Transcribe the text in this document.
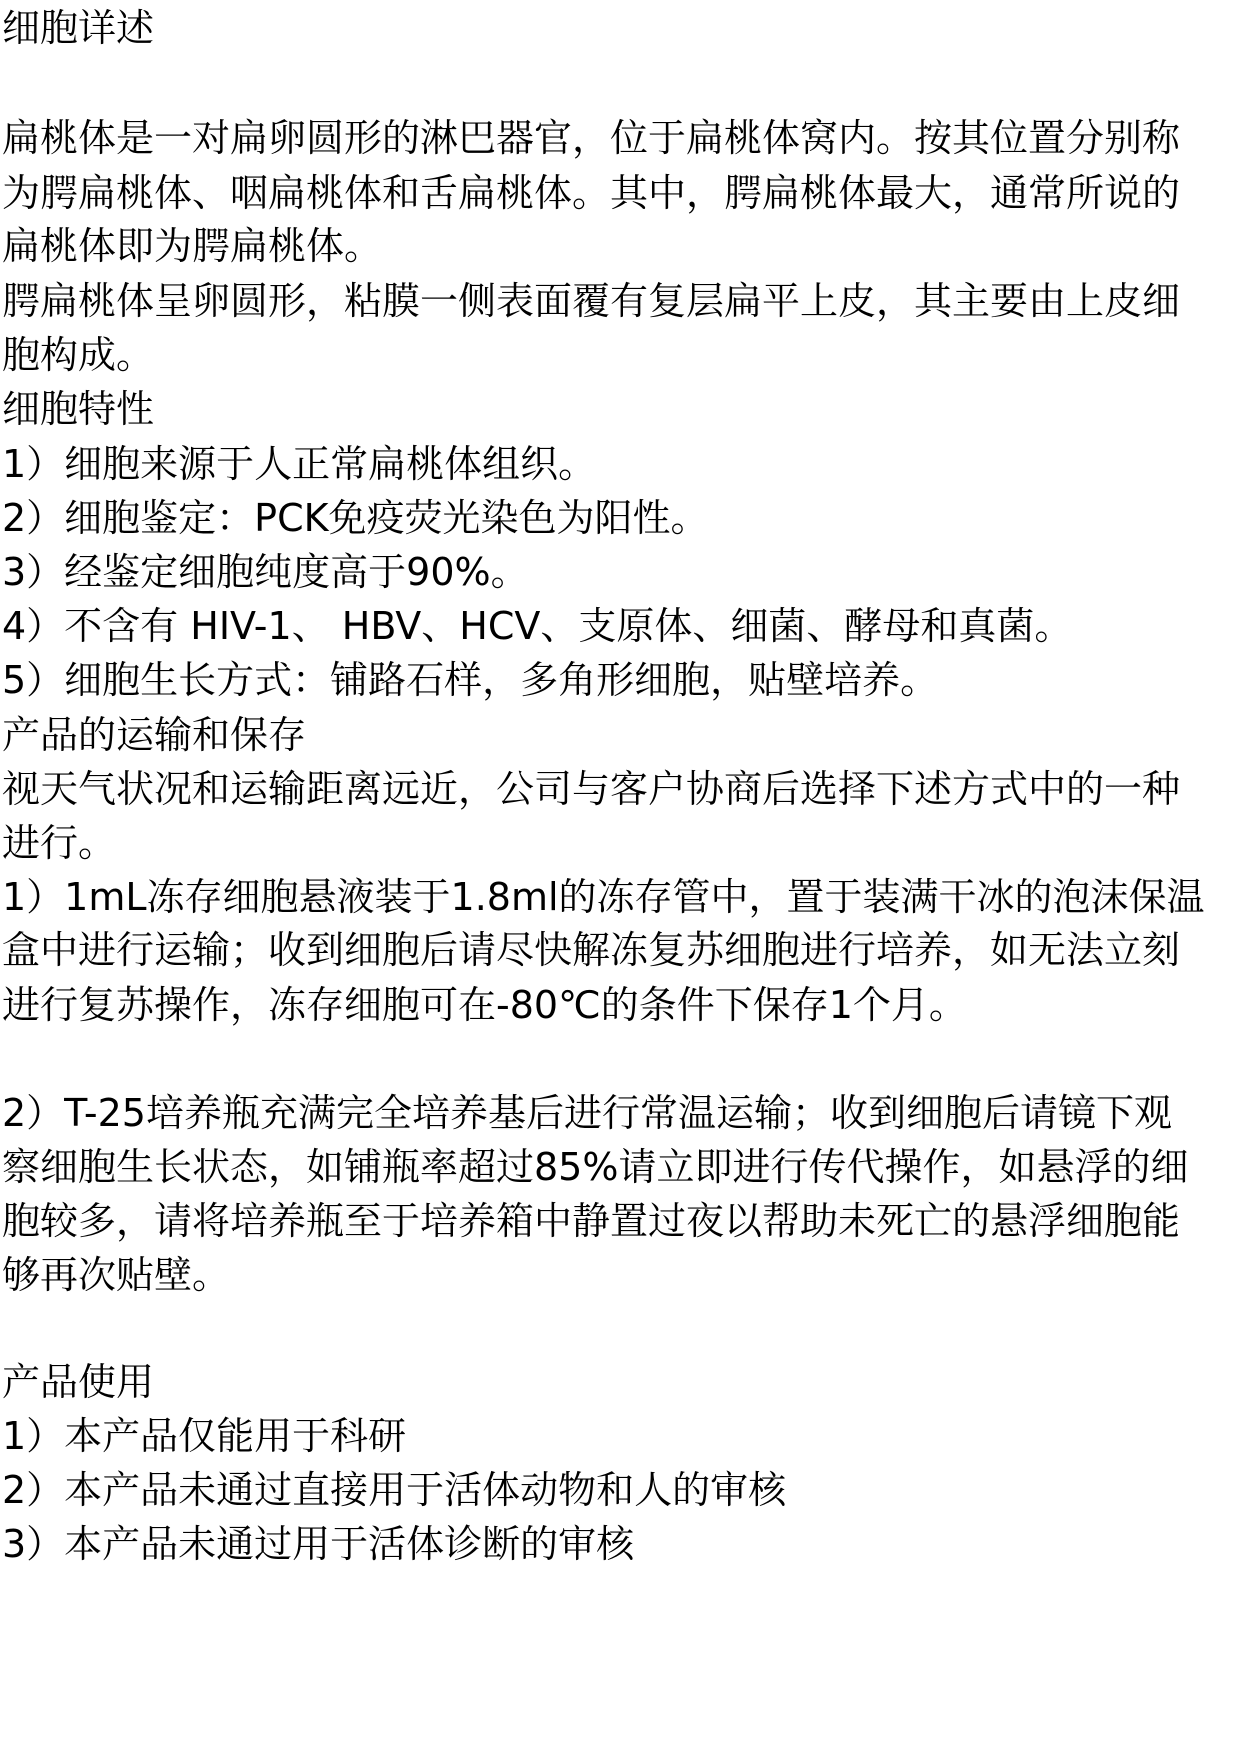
细胞详述
扁桃体是一对扁卵圆形的淋巴器官，位于扁桃体窝内。按其位置分别称
为腭扁桃体、咽扁桃体和舌扁桃体。其中，腭扁桃体最大，通常所说的
扁桃体即为腭扁桃体。
腭扁桃体呈卵圆形，粘膜一侧表面覆有复层扁平上皮，其主要由上皮细
胞构成。
细胞特性
1）细胞来源于人正常扁桃体组织。
2）细胞鉴定：PCK免疫荧光染色为阳性。
3）经鉴定细胞纯度高于90%。
4）不含有 HIV-1、 HBV、HCV、支原体、细菌、酵母和真菌。
5）细胞生长方式：铺路石样，多角形细胞，贴壁培养。
产品的运输和保存
视天气状况和运输距离远近，公司与客户协商后选择下述方式中的一种
进行。
1）1mL冻存细胞悬液装于1.8ml的冻存管中，置于装满干冰的泡沫保温
盒中进行运输；收到细胞后请尽快解冻复苏细胞进行培养，如无法立刻
进行复苏操作，冻存细胞可在-80℃的条件下保存1个月。
2）T-25培养瓶充满完全培养基后进行常温运输；收到细胞后请镜下观
察细胞生长状态，如铺瓶率超过85%请立即进行传代操作，如悬浮的细
胞较多，请将培养瓶至于培养箱中静置过夜以帮助未死亡的悬浮细胞能
够再次贴壁。
产品使用
1）本产品仅能用于科研
2）本产品未通过直接用于活体动物和人的审核
3）本产品未通过用于活体诊断的审核
